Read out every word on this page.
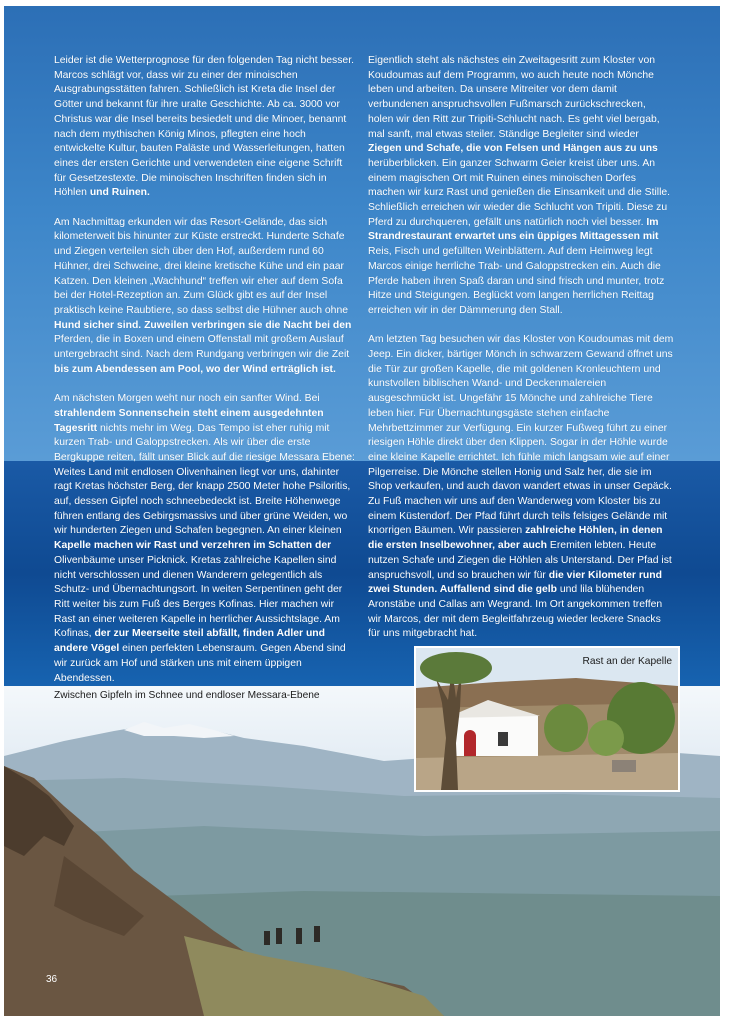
Leider ist die Wetterprognose für den folgenden Tag nicht besser. Marcos schlägt vor, dass wir zu einer der minoischen Ausgrabungsstätten fahren. Schließlich ist Kreta die Insel der Götter und bekannt für ihre uralte Geschichte. Ab ca. 3000 vor Christus war die Insel bereits besiedelt und die Minoer, benannt nach dem mythischen König Minos, pflegten eine hoch entwickelte Kultur, bauten Paläste und Wasserleitungen, hatten eines der ersten Gerichte und verwendeten eine eigene Schrift für Gesetzestexte. Die minoischen Inschriften finden sich in Höhlen und Ruinen.

Am Nachmittag erkunden wir das Resort-Gelände, das sich kilometerweit bis hinunter zur Küste erstreckt. Hunderte Schafe und Ziegen verteilen sich über den Hof, außerdem rund 60 Hühner, drei Schweine, drei kleine kretische Kühe und ein paar Katzen. Den kleinen „Wachhund“ treffen wir eher auf dem Sofa bei der Hotel-Rezeption an. Zum Glück gibt es auf der Insel praktisch keine Raubtiere, so dass selbst die Hühner auch ohne Hund sicher sind. Zuweilen verbringen sie die Nacht bei den Pferden, die in Boxen und einem Offenstall mit großem Auslauf untergebracht sind. Nach dem Rundgang verbringen wir die Zeit bis zum Abendessen am Pool, wo der Wind erträglich ist.

Am nächsten Morgen weht nur noch ein sanfter Wind. Bei strahlendem Sonnenschein steht einem ausgedehnten Tagesritt nichts mehr im Weg. Das Tempo ist eher ruhig mit kurzen Trab- und Galoppstrecken. Als wir über die erste Bergkuppe reiten, fällt unser Blick auf die riesige Messara Ebene: Weites Land mit endlosen Olivenhainen liegt vor uns, dahinter ragt Kretas höchster Berg, der knapp 2500 Meter hohe Psiloritis, auf, dessen Gipfel noch schneebedeckt ist. Breite Höhenwege führen entlang des Gebirgsmassivs und über grüne Weiden, wo wir hunderten Ziegen und Schafen begegnen. An einer kleinen Kapelle machen wir Rast und verzehren im Schatten der Olivenbäume unser Picknick. Kretas zahlreiche Kapellen sind nicht verschlossen und dienen Wanderern gelegentlich als Schutz- und Übernachtungsort. In weiten Serpentinen geht der Ritt weiter bis zum Fuß des Berges Kofinas. Hier machen wir Rast an einer weiteren Kapelle in herrlicher Aussichtslage. Am Kofinas, der zur Meerseite steil abfällt, finden Adler und andere Vögel einen perfekten Lebensraum. Gegen Abend sind wir zurück am Hof und stärken uns mit einem üppigen Abendessen.

Eigentlich steht als nächstes ein Zweitagesritt zum Kloster von Koudoumas auf dem Programm, wo auch heute noch Mönche leben und arbeiten. Da unsere Mitreiter vor dem damit verbundenen anspruchsvollen Fußmarsch zurückschrecken, holen wir den Ritt zur Tripiti-Schlucht nach. Es geht viel bergab, mal sanft, mal etwas steiler. Ständige Begleiter sind wieder Ziegen und Schafe, die von Felsen und Hängen aus zu uns herüberblicken. Ein ganzer Schwarm Geier kreist über uns. An einem magischen Ort mit Ruinen eines minoischen Dorfes machen wir kurz Rast und genießen die Einsamkeit und die Stille. Schließlich erreichen wir wieder die Schlucht von Tripiti. Diese zu Pferd zu durchqueren, gefällt uns natürlich noch viel besser. Im Strandrestaurant erwartet uns ein üppiges Mittagessen mit Reis, Fisch und gefüllten Weinblättern. Auf dem Heimweg legt Marcos einige herrliche Trab- und Galoppstrecken ein. Auch die Pferde haben ihren Spaß daran und sind frisch und munter, trotz Hitze und Steigungen. Beglückt vom langen herrlichen Reittag erreichen wir in der Dämmerung den Stall.

Am letzten Tag besuchen wir das Kloster von Koudoumas mit dem Jeep. Ein dicker, bärtiger Mönch in schwarzem Gewand öffnet uns die Tür zur großen Kapelle, die mit goldenen Kronleuchtern und kunstvollen biblischen Wand- und Deckenmalereien ausgeschmückt ist. Ungefähr 15 Mönche und zahlreiche Tiere leben hier. Für Übernachtungsgäste stehen einfache Mehrbettzimmer zur Verfügung. Ein kurzer Fußweg führt zu einer riesigen Höhle direkt über den Klippen. Sogar in der Höhle wurde eine kleine Kapelle errichtet. Ich fühle mich langsam wie auf einer Pilgerreise. Die Mönche stellen Honig und Salz her, die sie im Shop verkaufen, und auch davon wandert etwas in unser Gepäck. Zu Fuß machen wir uns auf den Wanderweg vom Kloster bis zu einem Küstendorf. Der Pfad führt durch teils felsiges Gelände mit knorrigen Bäumen. Wir passieren zahlreiche Höhlen, in denen die ersten Inselbewohner, aber auch Eremiten lebten. Heute nutzen Schafe und Ziegen die Höhlen als Unterstand. Der Pfad ist anspruchsvoll, und so brauchen wir für die vier Kilometer rund zwei Stunden. Auffallend sind die gelb und lila blühenden Aronstäbe und Callas am Wegrand. Im Ort angekommen treffen wir Marcos, der mit dem Begleitfahrzeug wieder leckere Snacks für uns mitgebracht hat.

Rast an der Kapelle
Zwischen Gipfeln im Schnee und endloser Messara-Ebene
36
